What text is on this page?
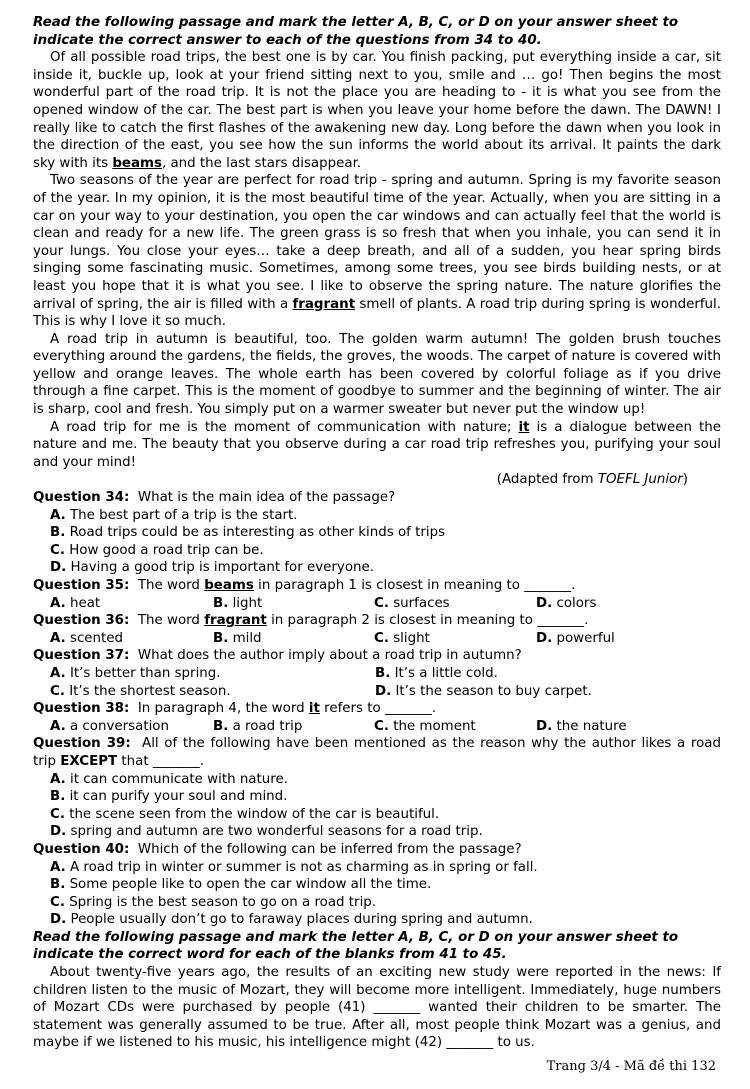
Read the following passage and mark the letter A, B, C, or D on your answer sheet to indicate the correct answer to each of the questions from 34 to 40.

Of all possible road trips, the best one is by car. You finish packing, put everything inside a car, sit inside it, buckle up, look at your friend sitting next to you, smile and … go! Then begins the most wonderful part of the road trip. It is not the place you are heading to - it is what you see from the opened window of the car. The best part is when you leave your home before the dawn. The DAWN! I really like to catch the first flashes of the awakening new day. Long before the dawn when you look in the direction of the east, you see how the sun informs the world about its arrival. It paints the dark sky with its beams, and the last stars disappear.

Two seasons of the year are perfect for road trip - spring and autumn. Spring is my favorite season of the year. In my opinion, it is the most beautiful time of the year. Actually, when you are sitting in a car on your way to your destination, you open the car windows and can actually feel that the world is clean and ready for a new life. The green grass is so fresh that when you inhale, you can send it in your lungs. You close your eyes… take a deep breath, and all of a sudden, you hear spring birds singing some fascinating music. Sometimes, among some trees, you see birds building nests, or at least you hope that it is what you see. I like to observe the spring nature. The nature glorifies the arrival of spring, the air is filled with a fragrant smell of plants. A road trip during spring is wonderful. This is why I love it so much.

A road trip in autumn is beautiful, too. The golden warm autumn! The golden brush touches everything around the gardens, the fields, the groves, the woods. The carpet of nature is covered with yellow and orange leaves. The whole earth has been covered by colorful foliage as if you drive through a fine carpet. This is the moment of goodbye to summer and the beginning of winter. The air is sharp, cool and fresh. You simply put on a warmer sweater but never put the window up!

A road trip for me is the moment of communication with nature; it is a dialogue between the nature and me. The beauty that you observe during a car road trip refreshes you, purifying your soul and your mind!

(Adapted from TOEFL Junior)

Question 34: What is the main idea of the passage?

A. The best part of a trip is the start.

B. Road trips could be as interesting as other kinds of trips

C. How good a road trip can be.

D. Having a good trip is important for everyone.

Question 35: The word beams in paragraph 1 is closest in meaning to _______.

A. heat	B. light	C. surfaces	D. colors

Question 36: The word fragrant in paragraph 2 is closest in meaning to _______.

A. scented	B. mild	C. slight	D. powerful

Question 37: What does the author imply about a road trip in autumn?

A. It’s better than spring.	B. It’s a little cold.
C. It’s the shortest season.	D. It’s the season to buy carpet.

Question 38: In paragraph 4, the word it refers to _______.

A. a conversation	B. a road trip	C. the moment	D. the nature

Question 39: All of the following have been mentioned as the reason why the author likes a road trip EXCEPT that _______.

A. it can communicate with nature.

B. it can purify your soul and mind.

C. the scene seen from the window of the car is beautiful.

D. spring and autumn are two wonderful seasons for a road trip.

Question 40: Which of the following can be inferred from the passage?

A. A road trip in winter or summer is not as charming as in spring or fall.

B. Some people like to open the car window all the time.

C. Spring is the best season to go on a road trip.

D. People usually don’t go to faraway places during spring and autumn.

Read the following passage and mark the letter A, B, C, or D on your answer sheet to indicate the correct word for each of the blanks from 41 to 45.

About twenty-five years ago, the results of an exciting new study were reported in the news: If children listen to the music of Mozart, they will become more intelligent. Immediately, huge numbers of Mozart CDs were purchased by people (41) _______ wanted their children to be smarter. The statement was generally assumed to be true. After all, most people think Mozart was a genius, and maybe if we listened to his music, his intelligence might (42) _______ to us.

Trang 3/4 - Mã đề thi 132
